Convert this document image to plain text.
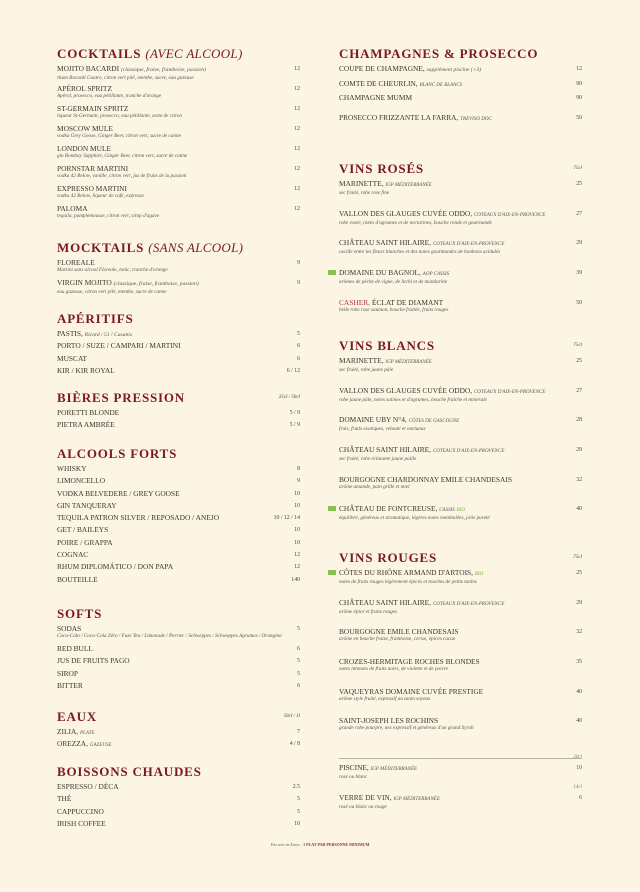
COCKTAILS (AVEC ALCOOL)
MOJITO BACARDI (classique, fraise, framboise, passion)
rhum Bacardi Cuatro, citron vert pilé, menthe, sucre, eau gazeuse
12
APÉROL SPRITZ
Apérol, prosecco, eau pétillante, tranche d'orange
12
ST-GERMAIN SPRITZ
liqueur St-Germain, prosecco, eau pétillante, zeste de citron
12
MOSCOW MULE
vodka Grey Goose, Ginger Beer, citron vert, sucre de canne
12
LONDON MULE
gin Bombay Sapphire, Ginger Beer, citron vert, sucre de canne
12
PORNSTAR MARTINI
vodka 42 Below, vanille, citron vert, jus de fruits de la passion
12
EXPRESSO MARTINI
vodka 42 Below, liqueur de café, expresso
12
PALOMA
tequila, pamplemousse, citron vert, sirop d'agave
12
MOCKTAILS (SANS ALCOOL)
FLOREALE
Martini sans alcool Floreale, tonic, tranche d'orange
9
VIRGIN MOJITO (classique, fraise, framboise, passion)
eau gazeuse, citron vert pilé, menthe, sucre de canne
9
APÉRITIFS
PASTIS, Ricard / 51 / Casanis	5
PORTO / SUZE / CAMPARI / MARTINI	6
MUSCAT	6
KIR / KIR ROYAL	6 / 12
BIÈRES PRESSION	25cl / 50cl
PORETTI BLONDE	5 / 9
PIETRA AMBRÉE	5 / 9
ALCOOLS FORTS
WHISKY	8
LIMONCELLO	9
VODKA BELVEDERE / GREY GOOSE	10
GIN TANQUERAY	10
TEQUILA PATRON SILVER / REPOSADO / ANEJO	10 / 12 / 14
GET / BAILEYS	10
POIRE / GRAPPA	10
COGNAC	12
RHUM DIPLOMÁTICO / DON PAPA	12
BOUTEILLE	140
SOFTS
SODAS
Coca-Cola / Coca-Cola Zéro / Fuze Tea / Limonade / Perrier / Schweppes / Schweppes Agrumes / Orangina
5
RED BULL	6
JUS DE FRUITS PAGO	5
SIROP	5
BITTER	6
EAUX	50cl / 1l
ZILIA, PLATE	7
OREZZA, GAZEUSE	4 / 8
BOISSONS CHAUDES
ESPRESSO / DÉCA	2.5
THÉ	5
CAPPUCCINO	5
IRISH COFFEE	10
CHAMPAGNES & PROSECCO
COUPE DE CHAMPAGNE, supplément piscine (+3)	12
COMTE DE CHEURLIN, BLANC DE BLANCS	90
CHAMPAGNE MUMM	90
PROSECCO FRIZZANTE LA FARRA, TREVISO DOC	50
VINS ROSÉS	75cl
MARINETTE, IGP MÉDITERRANÉE
sec fruité, robe rose fine
25
VALLON DES GLAUGES CUVÉE ODDO, COTEAUX D'AIX-EN-PROVENCE
robe rosée, notes d'agrumes et de nectarines, bouche ronde et gourmande
27
CHÂTEAU SAINT HILAIRE, COTEAUX D'AIX-EN-PROVENCE
oscille entre les fleurs blanches et des notes gourmandes de bonbons acidulés
29
DOMAINE DU BAGNOL, AOP CASSIS
arômes de pêche de vigne, de litchi et de mandarine
39
CASHER, ÉCLAT DE DIAMANT
belle robe rose saumon, bouche fruitée, fruits rouges
50
VINS BLANCS	75cl
MARINETTE, IGP MÉDITERRANÉE
sec fruité, robe jaune pâle
25
VALLON DES GLAUGES CUVÉE ODDO, COTEAUX D'AIX-EN-PROVENCE
robe jaune pâle, notes salines et d'agrumes, bouche fraîche et minérale
27
DOMAINE UBY N°4, CÔTES DE GASCOGNE
frais, fruits exotiques, velouté et onctueux
28
CHÂTEAU SAINT HILAIRE, COTEAUX D'AIX-EN-PROVENCE
sec fruité, robe éclatante jaune paille
29
BOURGOGNE CHARDONNAY EMILE CHANDESAIS
arôme amande, pain grillé et miel
32
CHÂTEAU DE FONTCREUSE, CASSIS BIO
équilibré, généreux et aromatique, légères notes mentholées, jolie pureté
40
VINS ROUGES	75cl
CÔTES DU RHÔNE ARMAND D'ARTOIS, BIO
notes de fruits rouges légèrement épicés et touches de petits tanins
25
CHÂTEAU SAINT HILAIRE, COTEAUX D'AIX-EN-PROVENCE
arôme épicé et fruits rouges
29
BOURGOGNE EMILE CHANDESAIS
arôme en bouche fraise, framboise, cerise, épices cacao
32
CROZES-HERMITAGE ROCHES BLONDES
notes intenses de fruits noirs, de violette et de poivre
35
VAQUEYRAS DOMAINE CUVÉE PRESTIGE
arôme style fruité, expressif au tanin soyeux
40
SAINT-JOSEPH LES ROCHINS
grande robe pourpre, nez expressif et généreux d'un grand Syrah
40
20cl
PISCINE, IGP MÉDITERRANÉE
rosé ou blanc
10
14cl
VERRE DE VIN, IGP MÉDITERRANÉE
rosé ou blanc ou rouge
6
Prix nets en Euros · 1 PLAT PAR PERSONNE MINIMUM
